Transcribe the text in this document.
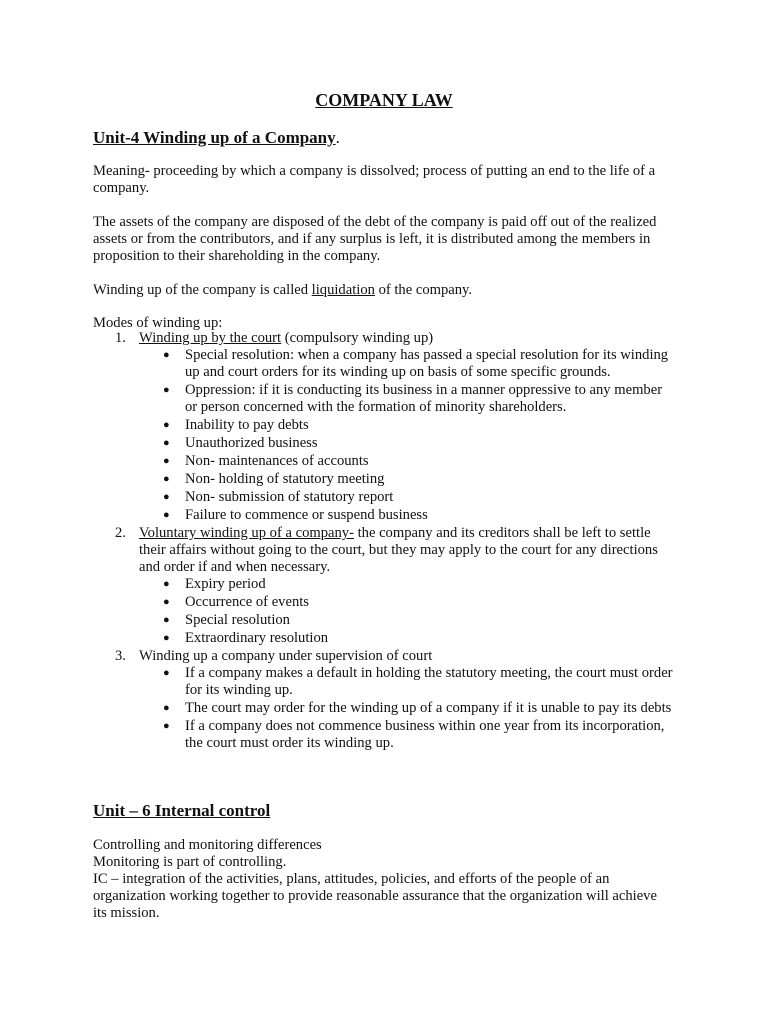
COMPANY LAW
Unit-4 Winding up of a Company.

Meaning- proceeding by which a company is dissolved; process of putting an end to the life of a company.

The assets of the company are disposed of the debt of the company is paid off out of the realized assets or from the contributors, and if any surplus is left, it is distributed among the members in proposition to their shareholding in the company.

Winding up of the company is called liquidation of the company.

Modes of winding up:

1. Winding up by the court (compulsory winding up)
● Special resolution: when a company has passed a special resolution for its winding up and court orders for its winding up on basis of some specific grounds.
● Oppression: if it is conducting its business in a manner oppressive to any member or person concerned with the formation of minority shareholders.
● Inability to pay debts
● Unauthorized business
● Non- maintenances of accounts
● Non- holding of statutory meeting
● Non- submission of statutory report
● Failure to commence or suspend business
2. Voluntary winding up of a company- the company and its creditors shall be left to settle their affairs without going to the court, but they may apply to the court for any directions and order if and when necessary.
● Expiry period
● Occurrence of events
● Special resolution
● Extraordinary resolution
3. Winding up a company under supervision of court
● If a company makes a default in holding the statutory meeting, the court must order for its winding up.
● The court may order for the winding up of a company if it is unable to pay its debts
● If a company does not commence business within one year from its incorporation, the court must order its winding up.
Unit – 6 Internal control

Controlling and monitoring differences

Monitoring is part of controlling.

IC – integration of the activities, plans, attitudes, policies, and efforts of the people of an organization working together to provide reasonable assurance that the organization will achieve its mission.
